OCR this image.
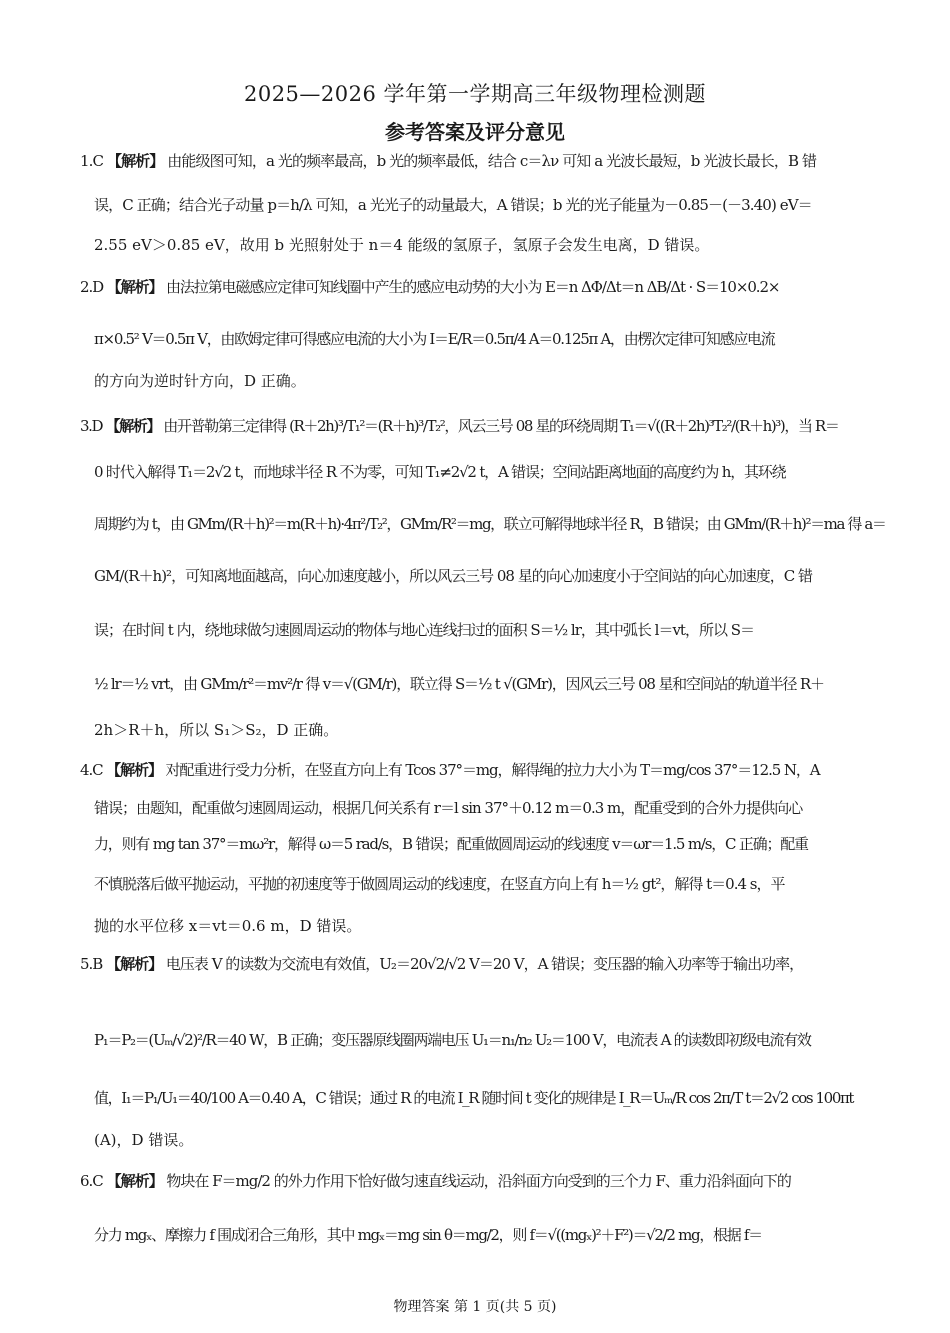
2025—2026 学年第一学期高三年级物理检测题
参考答案及评分意见
1.C 【解析】 由能级图可知，a 光的频率最高，b 光的频率最低，结合 c＝λν 可知 a 光波长最短，b 光波长最长，B 错
误，C 正确；结合光子动量 p＝h/λ 可知，a 光光子的动量最大，A 错误；b 光的光子能量为－0.85－(－3.40) eV＝
2.55 eV＞0.85 eV，故用 b 光照射处于 n＝4 能级的氢原子，氢原子会发生电离，D 错误。
2.D 【解析】 由法拉第电磁感应定律可知线圈中产生的感应电动势的大小为 E＝n ΔΦ/Δt＝n ΔB/Δt · S＝10×0.2×
π×0.5² V＝0.5π V，由欧姆定律可得感应电流的大小为 I＝E/R＝0.5π/4 A＝0.125π A，由楞次定律可知感应电流
的方向为逆时针方向，D 正确。
3.D 【解析】 由开普勒第三定律得 (R＋2h)³/T₁²＝(R＋h)³/T₂²，风云三号 08 星的环绕周期 T₁＝√((R＋2h)³T₂²/(R＋h)³)，当 R＝
0 时代入解得 T₁＝2√2 t，而地球半径 R 不为零，可知 T₁≠2√2 t，A 错误；空间站距离地面的高度约为 h，其环绕
周期约为 t，由 GMm/(R＋h)²＝m(R＋h)·4π²/T₂²，GMm/R²＝mg，联立可解得地球半径 R，B 错误；由 GMm/(R＋h)²＝ma 得 a＝
GM/(R＋h)²，可知离地面越高，向心加速度越小，所以风云三号 08 星的向心加速度小于空间站的向心加速度，C 错
误；在时间 t 内，绕地球做匀速圆周运动的物体与地心连线扫过的面积 S＝½ lr，其中弧长 l＝vt，所以 S＝
½ lr＝½ vrt，由 GMm/r²＝mv²/r 得 v＝√(GM/r)，联立得 S＝½ t √(GMr)，因风云三号 08 星和空间站的轨道半径 R＋
2h＞R＋h，所以 S₁＞S₂，D 正确。
4.C 【解析】 对配重进行受力分析，在竖直方向上有 Tcos 37°＝mg，解得绳的拉力大小为 T＝mg/cos 37°＝12.5 N，A
错误；由题知，配重做匀速圆周运动，根据几何关系有 r＝l sin 37°＋0.12 m＝0.3 m，配重受到的合外力提供向心
力，则有 mg tan 37°＝mω²r，解得 ω＝5 rad/s，B 错误；配重做圆周运动的线速度 v＝ωr＝1.5 m/s，C 正确；配重
不慎脱落后做平抛运动，平抛的初速度等于做圆周运动的线速度，在竖直方向上有 h＝½ gt²，解得 t＝0.4 s，平
抛的水平位移 x＝vt＝0.6 m，D 错误。
5.B 【解析】 电压表 V 的读数为交流电有效值，U₂＝20√2/√2 V＝20 V，A 错误；变压器的输入功率等于输出功率，
P₁＝P₂＝(Uₘ/√2)²/R＝40 W，B 正确；变压器原线圈两端电压 U₁＝n₁/n₂ U₂＝100 V，电流表 A 的读数即初级电流有效
值，I₁＝P₁/U₁＝40/100 A＝0.40 A，C 错误；通过 R 的电流 I_R 随时间 t 变化的规律是 I_R＝Uₘ/R cos 2π/T t＝2√2 cos 100πt
(A)，D 错误。
6.C 【解析】 物块在 F＝mg/2 的外力作用下恰好做匀速直线运动，沿斜面方向受到的三个力 F、重力沿斜面向下的
分力 mgₓ、摩擦力 f 围成闭合三角形，其中 mgₓ＝mg sin θ＝mg/2，则 f＝√((mgₓ)²＋F²)＝√2/2 mg，根据 f＝
物理答案 第 1 页(共 5 页)
